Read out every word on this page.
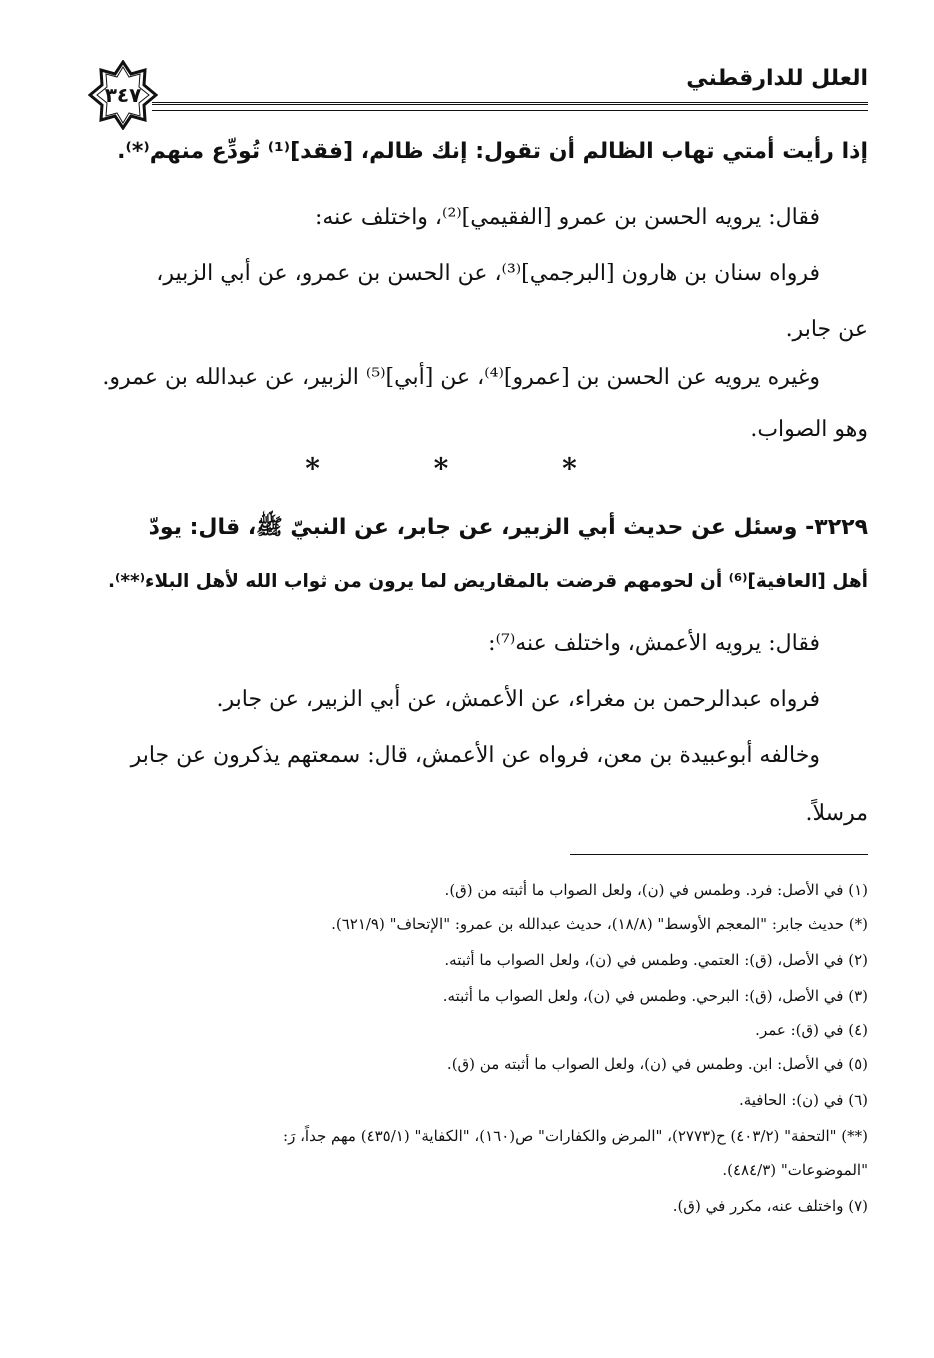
العلل للدارقطني
٣٤٧
إذا رأيت أمتي تهاب الظالم أن تقول: إنك ظالم، [فقد]⁽¹⁾ تُودِّع منهم⁽*⁾.
فقال: يرويه الحسن بن عمرو [الفقيمي]⁽²⁾، واختلف عنه:
فرواه سنان بن هارون [البرجمي]⁽³⁾، عن الحسن بن عمرو، عن أبي الزبير،
عن جابر.
وغيره يرويه عن الحسن بن [عمرو]⁽⁴⁾، عن [أبي]⁽⁵⁾ الزبير، عن عبدالله بن عمرو.
وهو الصواب.
* * *
٣٢٢٩- وسئل عن حديث أبي الزبير، عن جابر، عن النبيّ ﷺ، قال: يودّ
أهل [العافية]⁽⁶⁾ أن لحومهم قرضت بالمقاريض لما يرون من ثواب الله لأهل البلاء⁽**⁾.
فقال: يرويه الأعمش، واختلف عنه⁽⁷⁾:
فرواه عبدالرحمن بن مغراء، عن الأعمش، عن أبي الزبير، عن جابر.
وخالفه أبوعبيدة بن معن، فرواه عن الأعمش، قال: سمعتهم يذكرون عن جابر
مرسلاً.
(١) في الأصل: فرد. وطمس في (ن)، ولعل الصواب ما أثبته من (ق).
(*) حديث جابر: "المعجم الأوسط" (١٨/٨)، حديث عبدالله بن عمرو: "الإتحاف" (٦٢١/٩).
(٢) في الأصل، (ق): العتمي. وطمس في (ن)، ولعل الصواب ما أثبته.
(٣) في الأصل، (ق): البرحي. وطمس في (ن)، ولعل الصواب ما أثبته.
(٤) في (ق): عمر.
(٥) في الأصل: ابن. وطمس في (ن)، ولعل الصواب ما أثبته من (ق).
(٦) في (ن): الحافية.
(**) "التحفة" (٤٠٣/٢) ح(٢٧٧٣)، "المرض والكفارات" ص(١٦٠)، "الكفاية" (٤٣٥/١) مهم جداً، رَ:
"الموضوعات" (٤٨٤/٣).
(٧) واختلف عنه، مكرر في (ق).
